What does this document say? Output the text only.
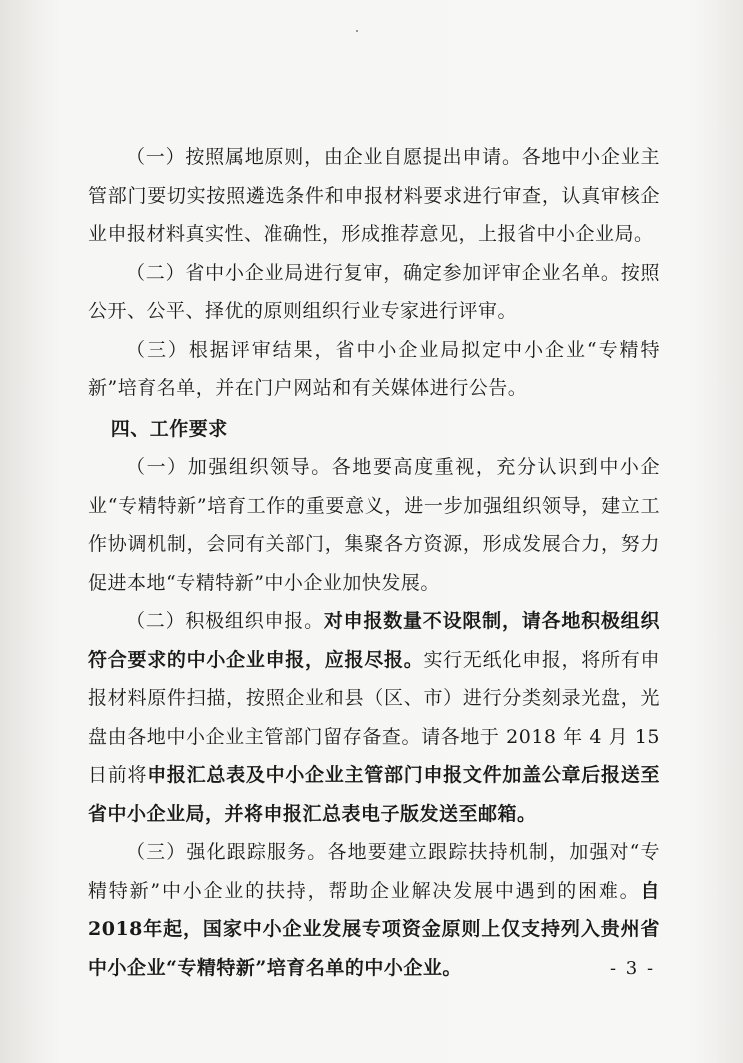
（一）按照属地原则，由企业自愿提出申请。各地中小企业主管部门要切实按照遴选条件和申报材料要求进行审查，认真审核企业申报材料真实性、准确性，形成推荐意见，上报省中小企业局。

（二）省中小企业局进行复审，确定参加评审企业名单。按照公开、公平、择优的原则组织行业专家进行评审。

（三）根据评审结果，省中小企业局拟定中小企业“专精特新”培育名单，并在门户网站和有关媒体进行公告。

四、工作要求

（一）加强组织领导。各地要高度重视，充分认识到中小企业“专精特新”培育工作的重要意义，进一步加强组织领导，建立工作协调机制，会同有关部门，集聚各方资源，形成发展合力，努力促进本地“专精特新”中小企业加快发展。

（二）积极组织申报。对申报数量不设限制，请各地积极组织符合要求的中小企业申报，应报尽报。实行无纸化申报，将所有申报材料原件扫描，按照企业和县（区、市）进行分类刻录光盘，光盘由各地中小企业主管部门留存备查。请各地于 2018 年 4 月 15 日前将申报汇总表及中小企业主管部门申报文件加盖公章后报送至省中小企业局，并将申报汇总表电子版发送至邮箱。

（三）强化跟踪服务。各地要建立跟踪扶持机制，加强对“专精特新”中小企业的扶持，帮助企业解决发展中遇到的困难。自 2018年起，国家中小企业发展专项资金原则上仅支持列入贵州省中小企业“专精特新”培育名单的中小企业。	- 3 -
